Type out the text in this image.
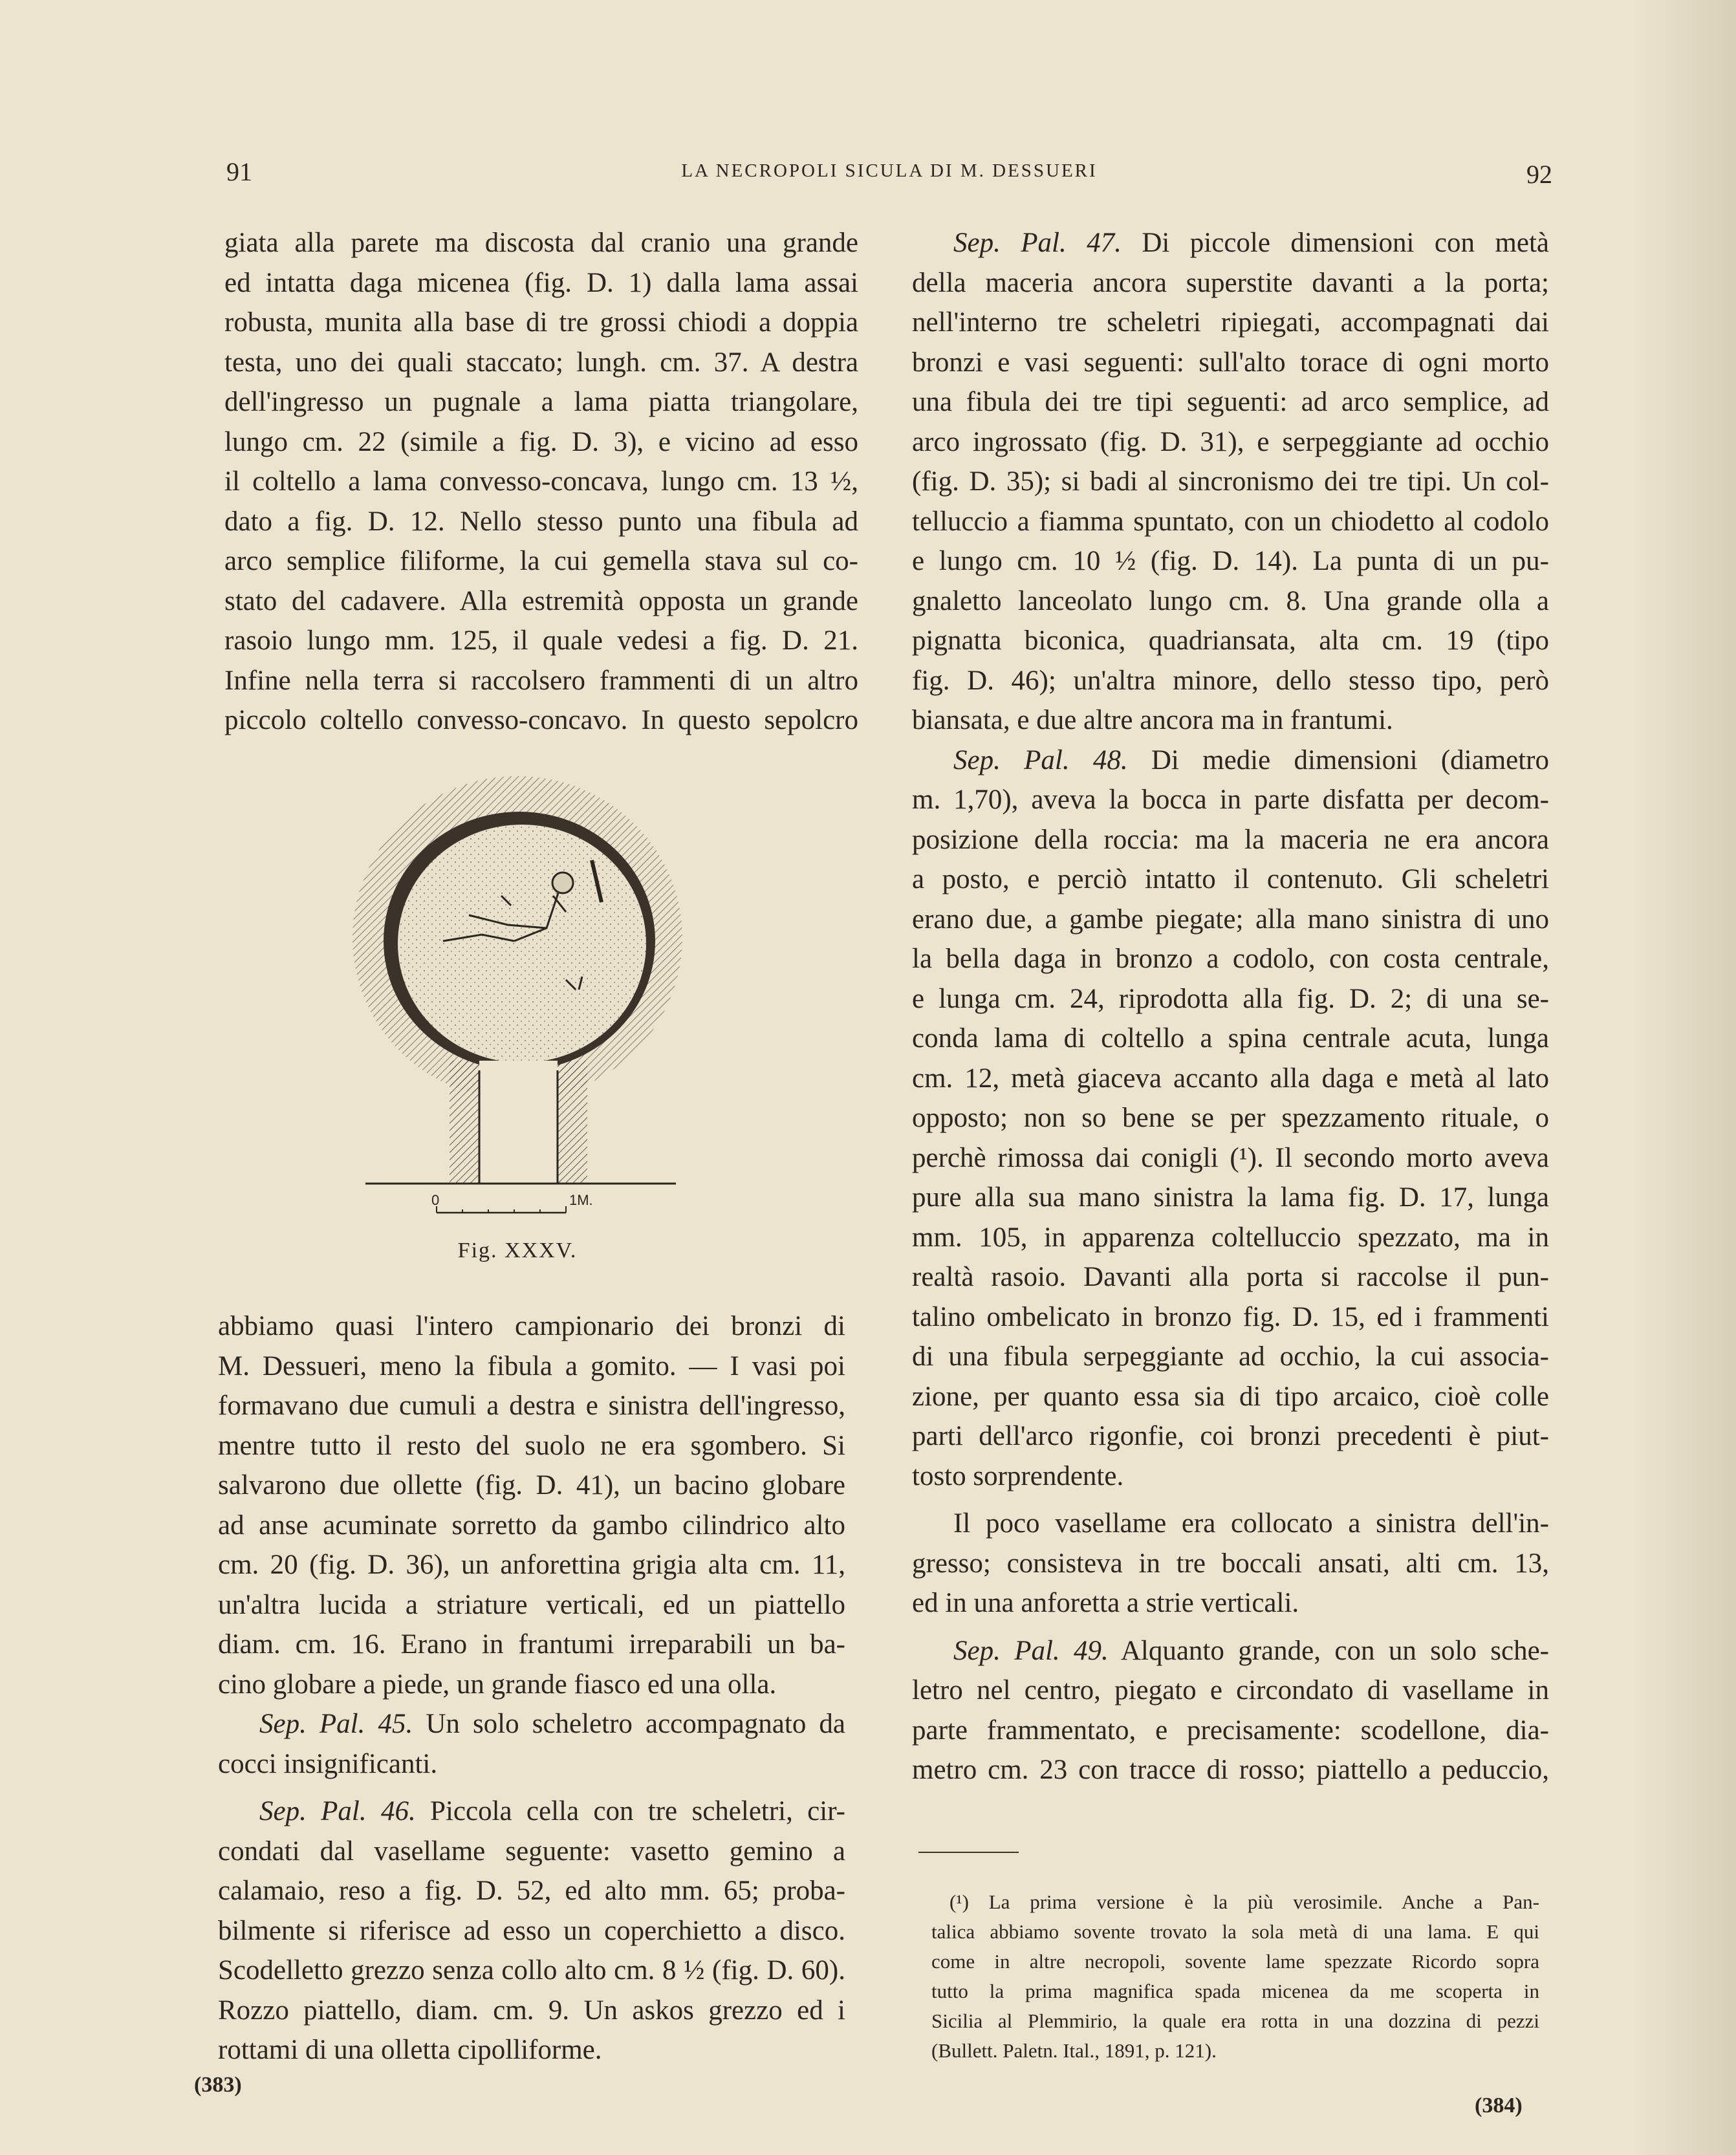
91	LA NECROPOLI SICULA DI M. DESSUERI	92

giata alla parete ma discosta dal cranio una grande

ed intatta daga micenea (fig. D. 1) dalla lama assai

robusta, munita alla base di tre grossi chiodi a doppia

testa, uno dei quali staccato; lungh. cm. 37. A destra

dell'ingresso un pugnale a lama piatta triangolare,

lungo cm. 22 (simile a fig. D. 3), e vicino ad esso

il coltello a lama convesso-concava, lungo cm. 13 ½,

dato a fig. D. 12. Nello stesso punto una fibula ad

arco semplice filiforme, la cui gemella stava sul co-

stato del cadavere. Alla estremità opposta un grande

rasoio lungo mm. 125, il quale vedesi a fig. D. 21.

Infine nella terra si raccolsero frammenti di un altro

piccolo coltello convesso-concavo. In questo sepolcro

0	1M.
Fig. XXXV.

abbiamo quasi l'intero campionario dei bronzi di

M. Dessueri, meno la fibula a gomito. — I vasi poi

formavano due cumuli a destra e sinistra dell'ingresso,

mentre tutto il resto del suolo ne era sgombero. Si

salvarono due ollette (fig. D. 41), un bacino globare

ad anse acuminate sorretto da gambo cilindrico alto

cm. 20 (fig. D. 36), un anforettina grigia alta cm. 11,

un'altra lucida a striature verticali, ed un piattello

diam. cm. 16. Erano in frantumi irreparabili un ba-

cino globare a piede, un grande fiasco ed una olla.

Sep. Pal. 45. Un solo scheletro accompagnato da

cocci insignificanti.

Sep. Pal. 46. Piccola cella con tre scheletri, cir-

condati dal vasellame seguente: vasetto gemino a

calamaio, reso a fig. D. 52, ed alto mm. 65; proba-

bilmente si riferisce ad esso un coperchietto a disco.

Scodelletto grezzo senza collo alto cm. 8 ½ (fig. D. 60).

Rozzo piattello, diam. cm. 9. Un askos grezzo ed i

rottami di una olletta cipolliforme.

Sep. Pal. 47. Di piccole dimensioni con metà

della maceria ancora superstite davanti a la porta;

nell'interno tre scheletri ripiegati, accompagnati dai

bronzi e vasi seguenti: sull'alto torace di ogni morto

una fibula dei tre tipi seguenti: ad arco semplice, ad

arco ingrossato (fig. D. 31), e serpeggiante ad occhio

(fig. D. 35); si badi al sincronismo dei tre tipi. Un col-

telluccio a fiamma spuntato, con un chiodetto al codolo

e lungo cm. 10 ½ (fig. D. 14). La punta di un pu-

gnaletto lanceolato lungo cm. 8. Una grande olla a

pignatta biconica, quadriansata, alta cm. 19 (tipo

fig. D. 46); un'altra minore, dello stesso tipo, però

biansata, e due altre ancora ma in frantumi.

Sep. Pal. 48. Di medie dimensioni (diametro

m. 1,70), aveva la bocca in parte disfatta per decom-

posizione della roccia: ma la maceria ne era ancora

a posto, e perciò intatto il contenuto. Gli scheletri

erano due, a gambe piegate; alla mano sinistra di uno

la bella daga in bronzo a codolo, con costa centrale,

e lunga cm. 24, riprodotta alla fig. D. 2; di una se-

conda lama di coltello a spina centrale acuta, lunga

cm. 12, metà giaceva accanto alla daga e metà al lato

opposto; non so bene se per spezzamento rituale, o

perchè rimossa dai conigli (¹). Il secondo morto aveva

pure alla sua mano sinistra la lama fig. D. 17, lunga

mm. 105, in apparenza coltelluccio spezzato, ma in

realtà rasoio. Davanti alla porta si raccolse il pun-

talino ombelicato in bronzo fig. D. 15, ed i frammenti

di una fibula serpeggiante ad occhio, la cui associa-

zione, per quanto essa sia di tipo arcaico, cioè colle

parti dell'arco rigonfie, coi bronzi precedenti è piut-

tosto sorprendente.

Il poco vasellame era collocato a sinistra dell'in-

gresso; consisteva in tre boccali ansati, alti cm. 13,

ed in una anforetta a strie verticali.

Sep. Pal. 49. Alquanto grande, con un solo sche-

letro nel centro, piegato e circondato di vasellame in

parte frammentato, e precisamente: scodellone, dia-

metro cm. 23 con tracce di rosso; piattello a peduccio,

(¹) La prima versione è la più verosimile. Anche a Pan-

talica abbiamo sovente trovato la sola metà di una lama. E qui

come in altre necropoli, sovente lame spezzate Ricordo sopra

tutto la prima magnifica spada micenea da me scoperta in

Sicilia al Plemmirio, la quale era rotta in una dozzina di pezzi

(Bullett. Paletn. Ital., 1891, p. 121).

(383)
(384)
